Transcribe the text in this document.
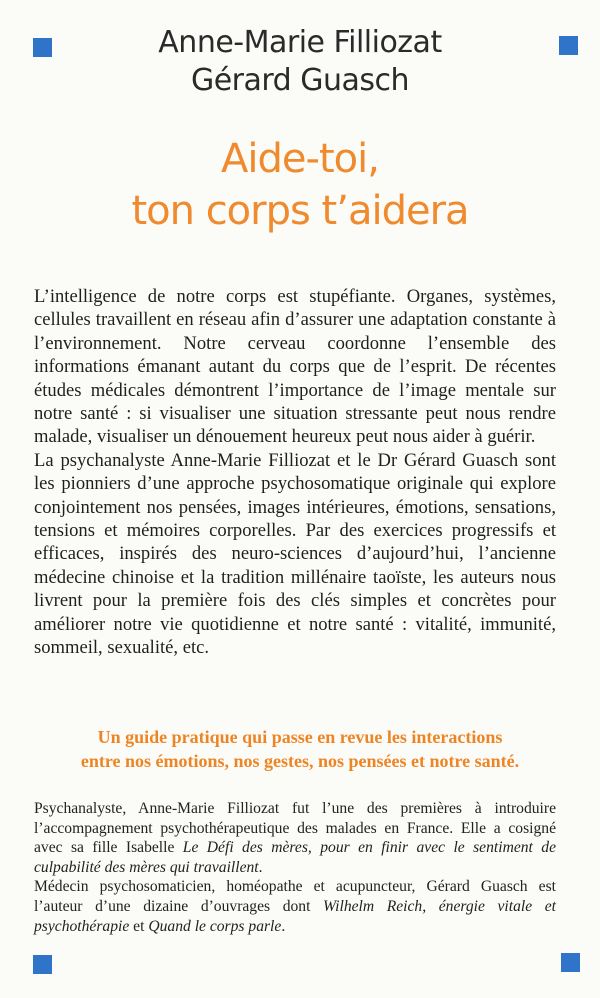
Anne-Marie Filliozat
Gérard Guasch
Aide-toi,
ton corps t’aidera

L’intelligence de notre corps est stupéfiante. Organes, systèmes, cellules travaillent en réseau afin d’assurer une adaptation constante à l’environnement. Notre cerveau coordonne l’ensemble des informations émanant autant du corps que de l’esprit. De récentes études médicales démontrent l’importance de l’image mentale sur notre santé : si visualiser une situation stressante peut nous rendre malade, visualiser un dénouement heureux peut nous aider à guérir.

La psychanalyste Anne-Marie Filliozat et le Dr Gérard Guasch sont les pionniers d’une approche psychosomatique originale qui explore conjointement nos pensées, images intérieures, émotions, sensations, tensions et mémoires corporelles. Par des exercices progressifs et efficaces, inspirés des neuro-sciences d’aujourd’hui, l’ancienne médecine chinoise et la tradition millénaire taoïste, les auteurs nous livrent pour la première fois des clés simples et concrètes pour améliorer notre vie quotidienne et notre santé : vitalité, immunité, sommeil, sexualité, etc.

Un guide pratique qui passe en revue les interactions
entre nos émotions, nos gestes, nos pensées et notre santé.

Psychanalyste, Anne-Marie Filliozat fut l’une des premières à introduire l’accompagnement psychothérapeutique des malades en France. Elle a cosigné avec sa fille Isabelle Le Défi des mères, pour en finir avec le sentiment de culpabilité des mères qui travaillent.

Médecin psychosomaticien, homéopathe et acupuncteur, Gérard Guasch est l’auteur d’une dizaine d’ouvrages dont Wilhelm Reich, énergie vitale et psychothérapie et Quand le corps parle.
